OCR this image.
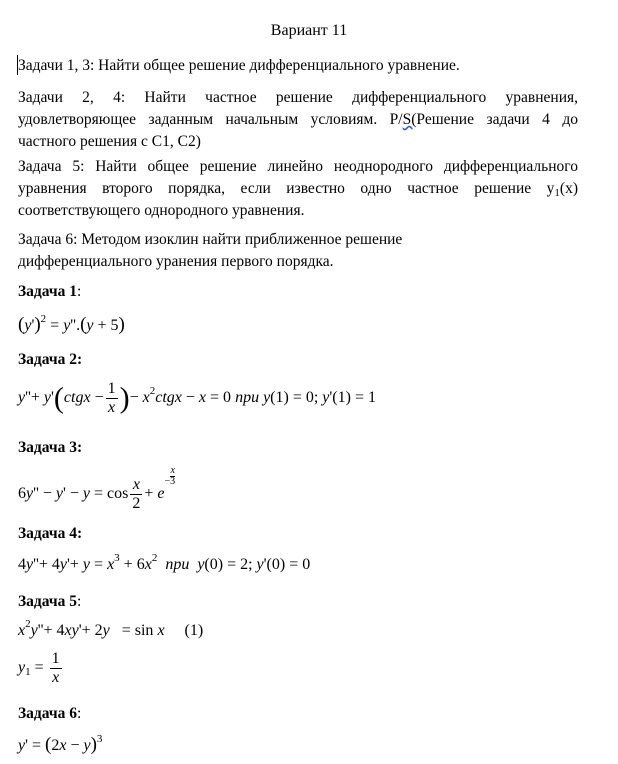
Вариант 11
Задачи 1, 3: Найти общее решение дифференциального уравнение.
Задачи 2, 4: Найти частное решение дифференциального уравнения, удовлетворяющее заданным начальным условиям. Р/S(Решение задачи 4 до частного решения с С1, С2)
Задача 5: Найти общее решение линейно неоднородного дифференциального уравнения второго порядка, если известно одно частное решение $y_1(x)$ соответствующего однородного уравнения.
Задача 6: Методом изоклин найти приближенное решение
дифференциального уранения первого порядка.
Задача 1:
$(y')^2 = y''.(y + 5)$
Задача 2:
y''+ y'(ctgx − $\frac{1}{x}$ )− $x^2ctgx - x = 0$ при y(1) = 0; y'(1) = 1
Задача 3:
$6y'' - y' - y = \cos \frac{x}{2} + e- \frac{x}{3}$
Задача 4:
$4y''+ 4y'+ y = x^3 + 6x^2$ при y(0) = 2; y'(0) = 0
Задача 5:
$x^2y''+ 4xy'+ 2y = \sin x$     (1)
$y_1 = \frac{1}{x}$
Задача 6:
$y' = (2x - y)^3$
